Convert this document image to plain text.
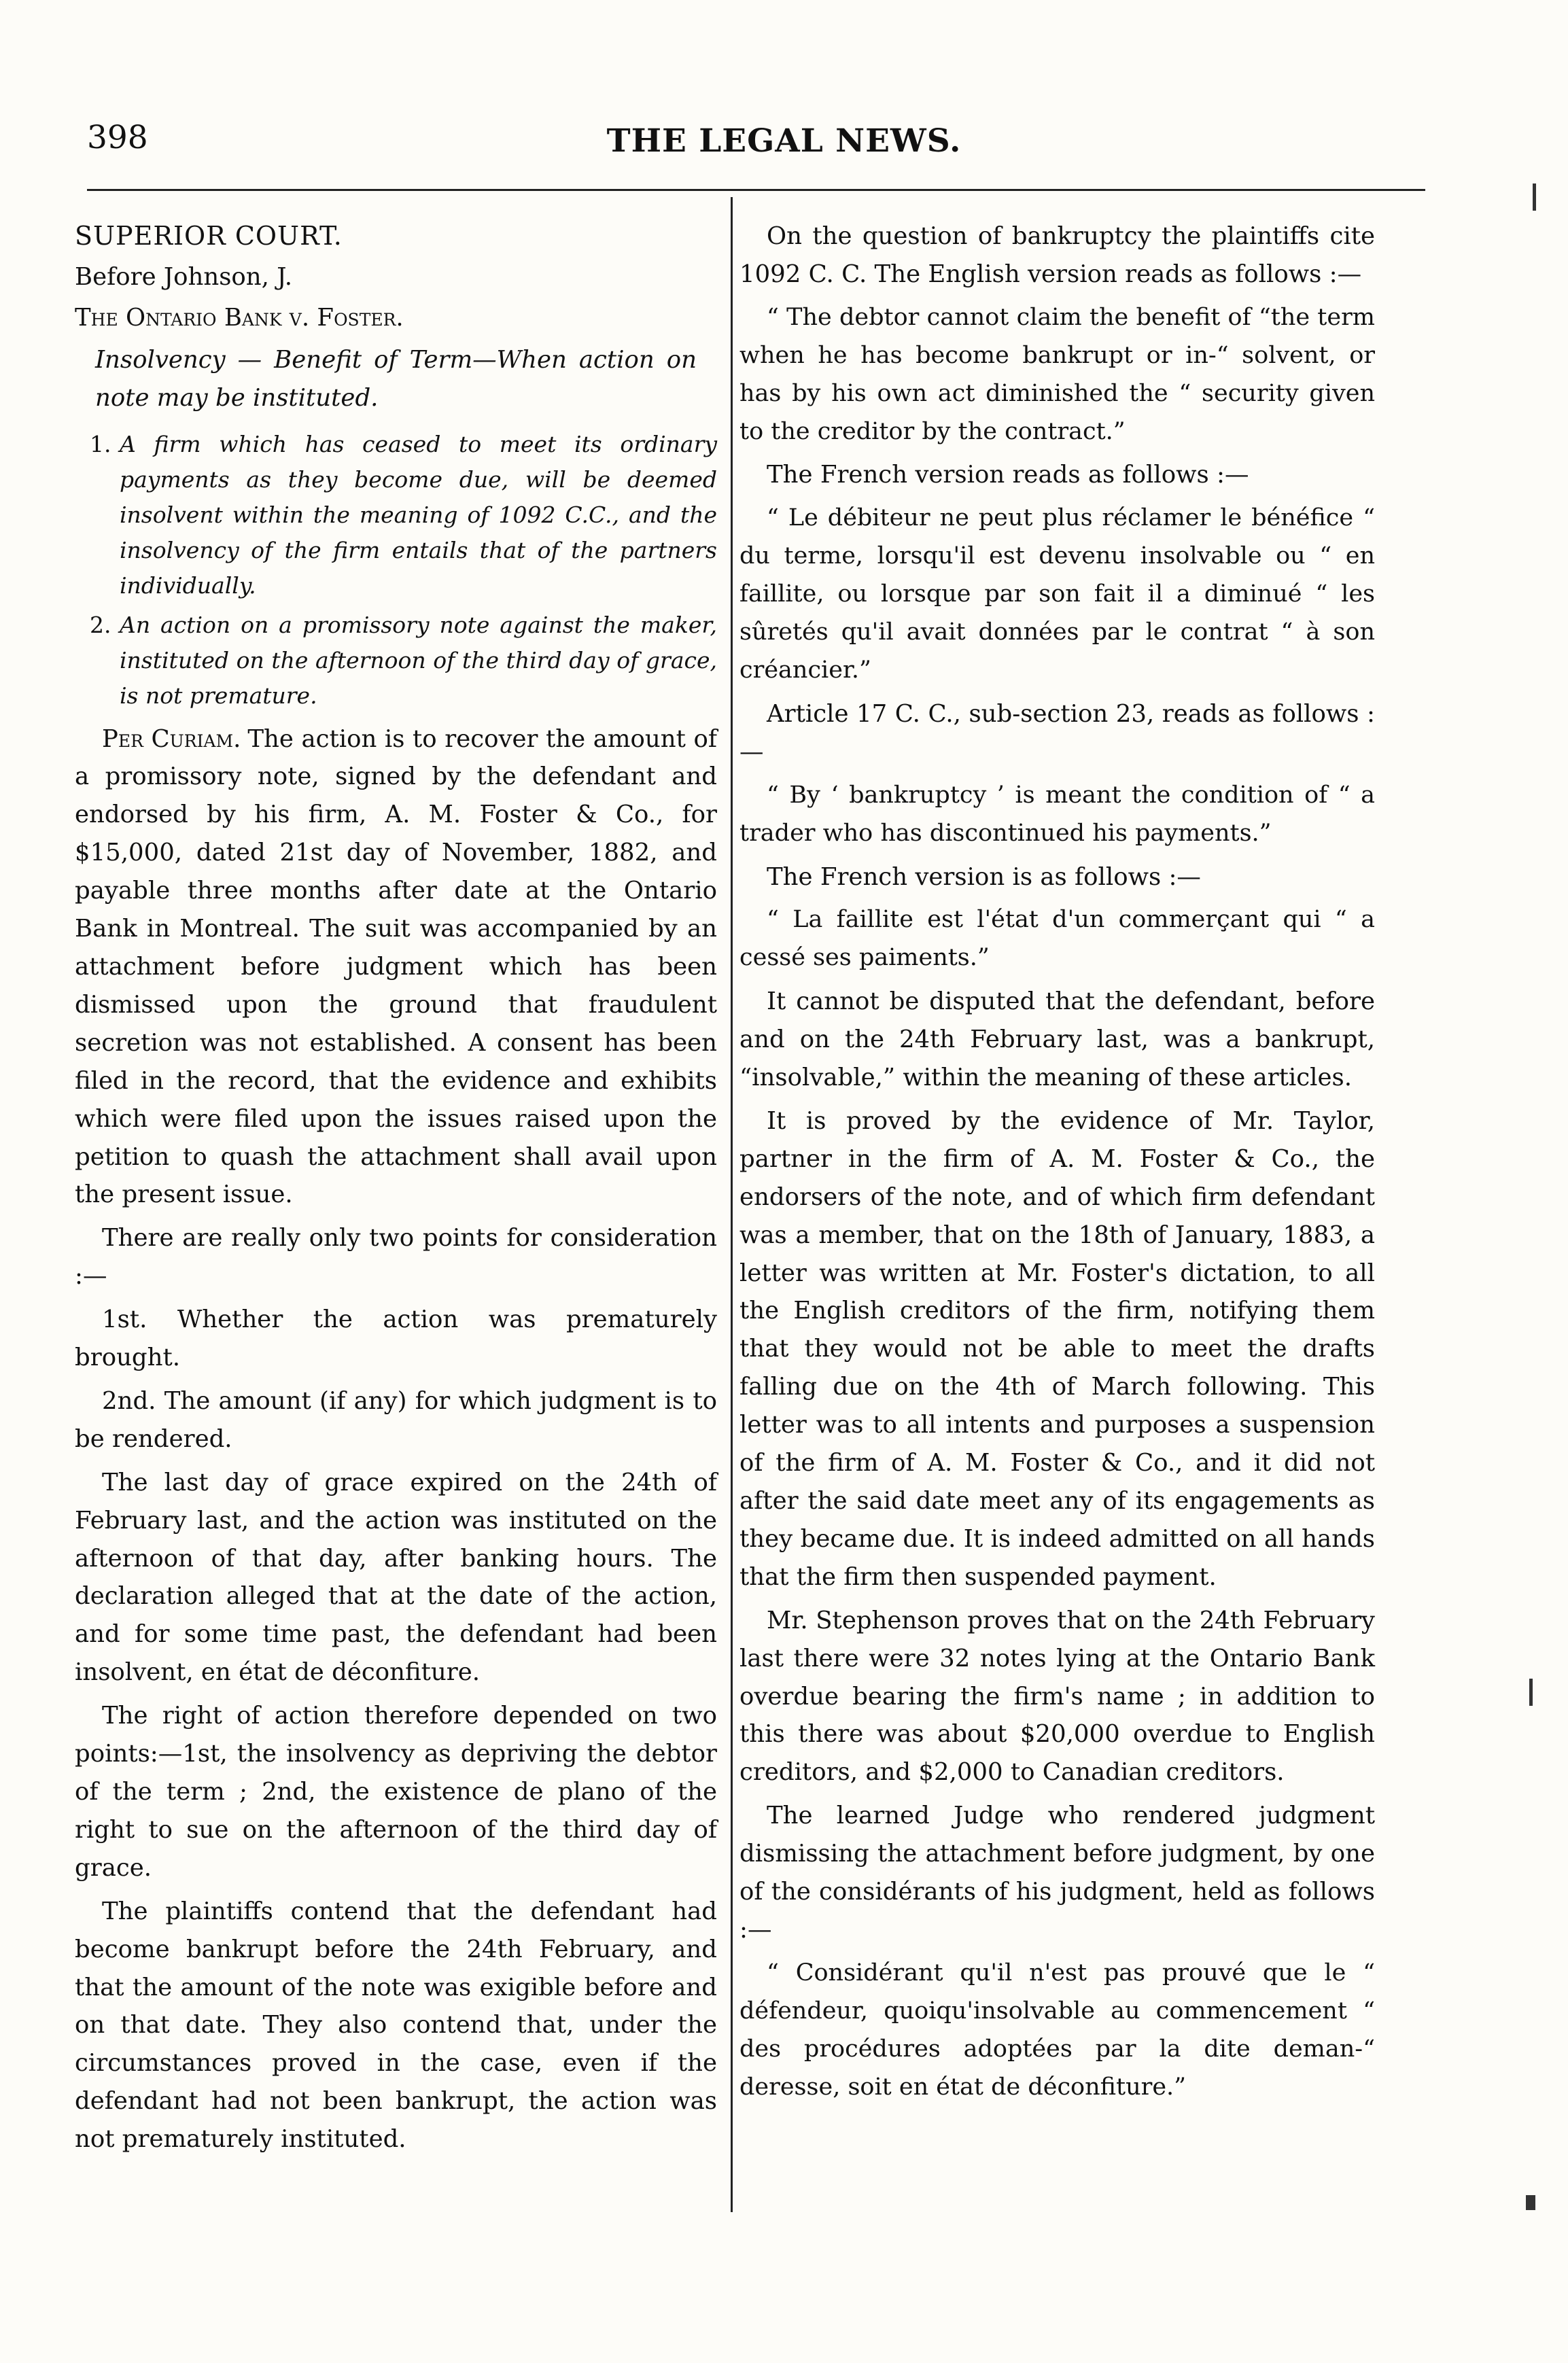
398	THE LEGAL NEWS.

SUPERIOR COURT.

Before Johnson, J.

The Ontario Bank v. Foster.

Insolvency — Benefit of Term—When action on note may be instituted.

1. A firm which has ceased to meet its ordinary payments as they become due, will be deemed insolvent within the meaning of 1092 C.C., and the insolvency of the firm entails that of the partners individually.
2. An action on a promissory note against the maker, instituted on the afternoon of the third day of grace, is not premature.

Per Curiam. The action is to recover the amount of a promissory note, signed by the defendant and endorsed by his firm, A. M. Foster & Co., for $15,000, dated 21st day of November, 1882, and payable three months after date at the Ontario Bank in Montreal. The suit was accompanied by an attachment before judgment which has been dismissed upon the ground that fraudulent secretion was not established. A consent has been filed in the record, that the evidence and exhibits which were filed upon the issues raised upon the petition to quash the attachment shall avail upon the present issue.

There are really only two points for consideration :—

1st. Whether the action was prematurely brought.

2nd. The amount (if any) for which judgment is to be rendered.

The last day of grace expired on the 24th of February last, and the action was instituted on the afternoon of that day, after banking hours. The declaration alleged that at the date of the action, and for some time past, the defendant had been insolvent, en état de déconfiture.

The right of action therefore depended on two points:—1st, the insolvency as depriving the debtor of the term ; 2nd, the existence de plano of the right to sue on the afternoon of the third day of grace.

The plaintiffs contend that the defendant had become bankrupt before the 24th February, and that the amount of the note was exigible before and on that date. They also contend that, under the circumstances proved in the case, even if the defendant had not been bankrupt, the action was not prematurely instituted.

On the question of bankruptcy the plaintiffs cite 1092 C. C. The English version reads as follows :—

“ The debtor cannot claim the benefit of “the term when he has become bankrupt or in-“ solvent, or has by his own act diminished the “ security given to the creditor by the contract.”

The French version reads as follows :—

“ Le débiteur ne peut plus réclamer le bénéfice “ du terme, lorsqu'il est devenu insolvable ou “ en faillite, ou lorsque par son fait il a diminué “ les sûretés qu'il avait données par le contrat “ à son créancier.”

Article 17 C. C., sub-section 23, reads as follows :—

“ By ‘ bankruptcy ’ is meant the condition of “ a trader who has discontinued his payments.”

The French version is as follows :—

“ La faillite est l'état d'un commerçant qui “ a cessé ses paiments.”

It cannot be disputed that the defendant, before and on the 24th February last, was a bankrupt, “insolvable,” within the meaning of these articles.

It is proved by the evidence of Mr. Taylor, partner in the firm of A. M. Foster & Co., the endorsers of the note, and of which firm defendant was a member, that on the 18th of January, 1883, a letter was written at Mr. Foster's dictation, to all the English creditors of the firm, notifying them that they would not be able to meet the drafts falling due on the 4th of March following. This letter was to all intents and purposes a suspension of the firm of A. M. Foster & Co., and it did not after the said date meet any of its engagements as they became due. It is indeed admitted on all hands that the firm then suspended payment.

Mr. Stephenson proves that on the 24th February last there were 32 notes lying at the Ontario Bank overdue bearing the firm's name ; in addition to this there was about $20,000 overdue to English creditors, and $2,000 to Canadian creditors.

The learned Judge who rendered judgment dismissing the attachment before judgment, by one of the considérants of his judgment, held as follows :—

“ Considérant qu'il n'est pas prouvé que le “ défendeur, quoiqu'insolvable au commencement “ des procédures adoptées par la dite deman-“ deresse, soit en état de déconfiture.”
